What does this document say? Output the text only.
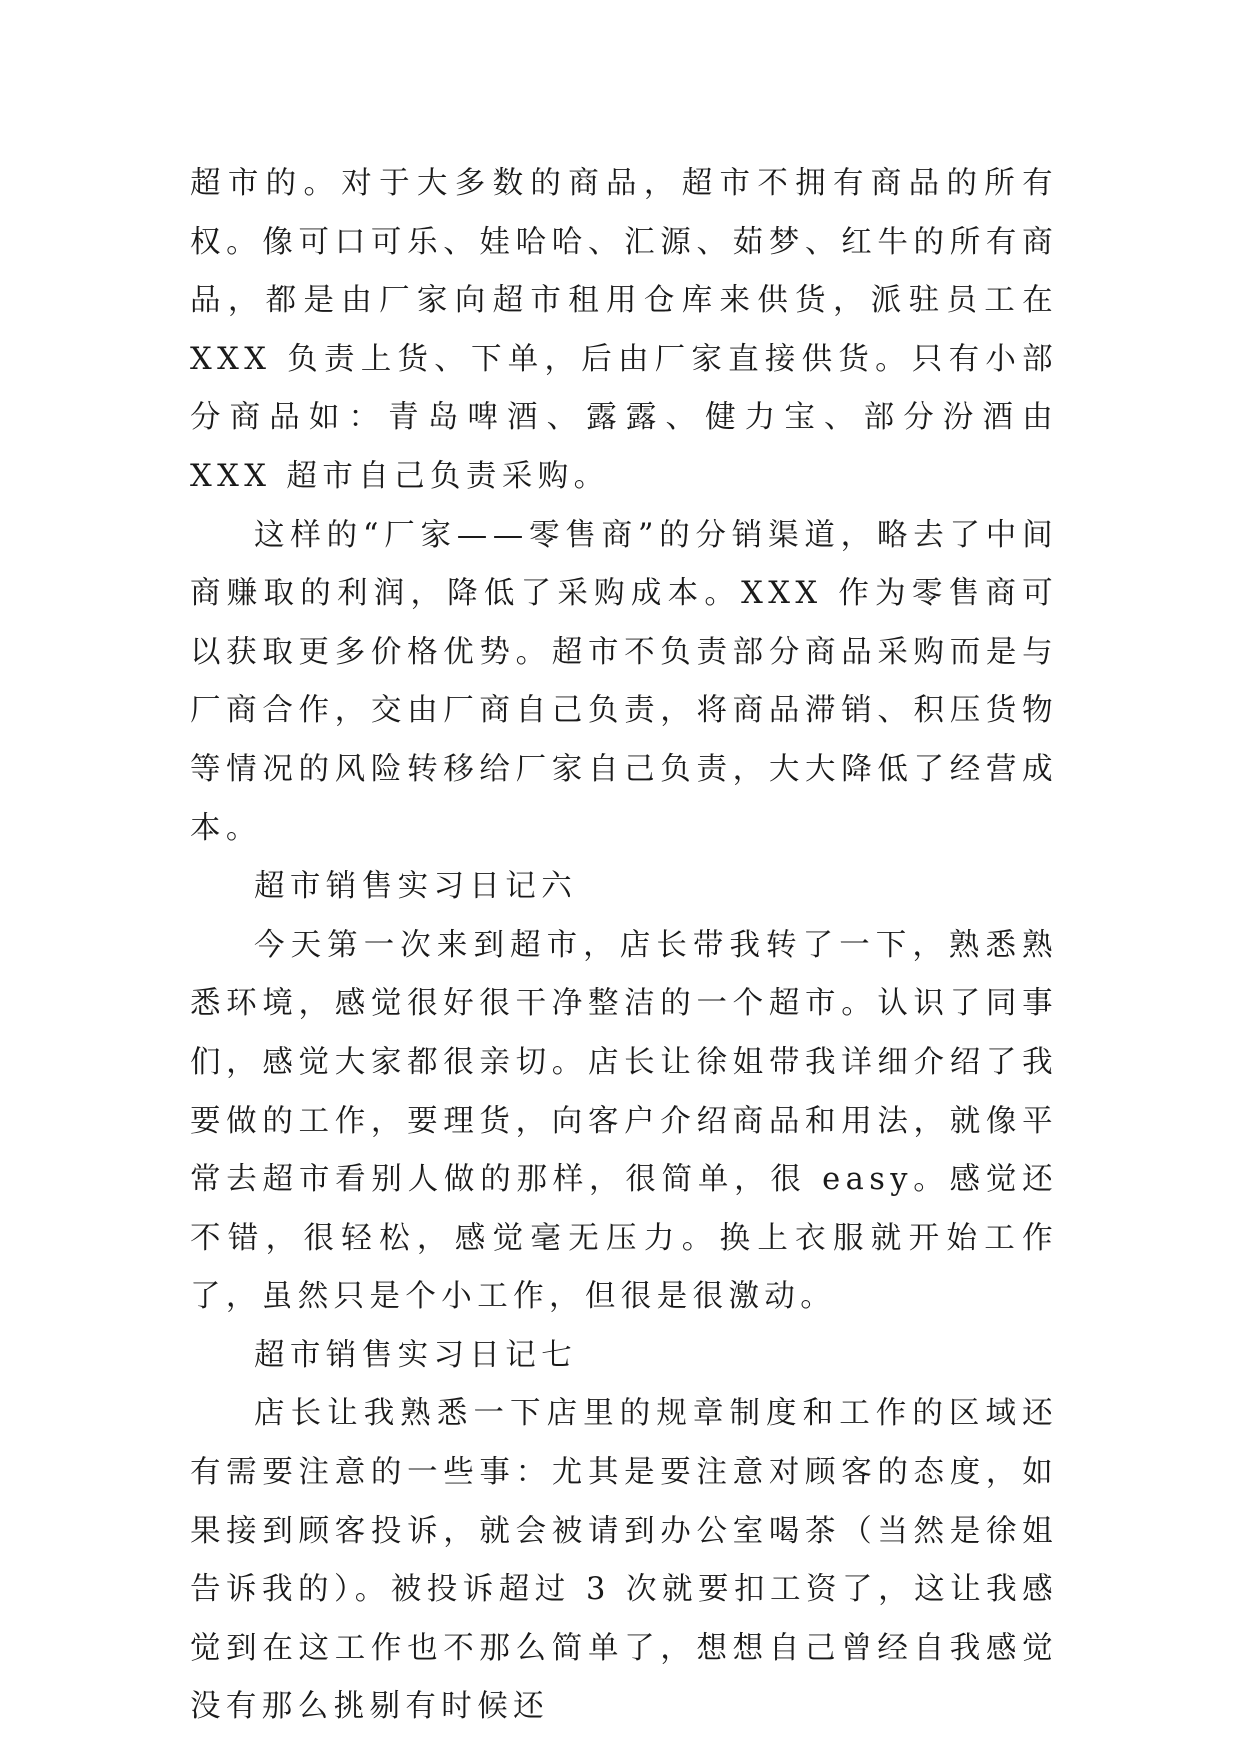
超市的。对于大多数的商品，超市不拥有商品的所有权。像可口可乐、娃哈哈、汇源、茹梦、红牛的所有商品，都是由厂家向超市租用仓库来供货，派驻员工在 XXX 负责上货、下单，后由厂家直接供货。只有小部分商品如：青岛啤酒、露露、健力宝、部分汾酒由 XXX 超市自己负责采购。

这样的“厂家——零售商”的分销渠道，略去了中间商赚取的利润，降低了采购成本。XXX 作为零售商可以获取更多价格优势。超市不负责部分商品采购而是与厂商合作，交由厂商自己负责，将商品滞销、积压货物等情况的风险转移给厂家自己负责，大大降低了经营成本。

超市销售实习日记六

今天第一次来到超市，店长带我转了一下，熟悉熟悉环境，感觉很好很干净整洁的一个超市。认识了同事们，感觉大家都很亲切。店长让徐姐带我详细介绍了我要做的工作，要理货，向客户介绍商品和用法，就像平常去超市看别人做的那样，很简单，很 easy。感觉还不错，很轻松，感觉毫无压力。换上衣服就开始工作了，虽然只是个小工作，但很是很激动。

超市销售实习日记七

店长让我熟悉一下店里的规章制度和工作的区域还有需要注意的一些事：尤其是要注意对顾客的态度，如果接到顾客投诉，就会被请到办公室喝茶（当然是徐姐告诉我的）。被投诉超过 3 次就要扣工资了，这让我感觉到在这工作也不那么简单了，想想自己曾经自我感觉没有那么挑剔有时候还
